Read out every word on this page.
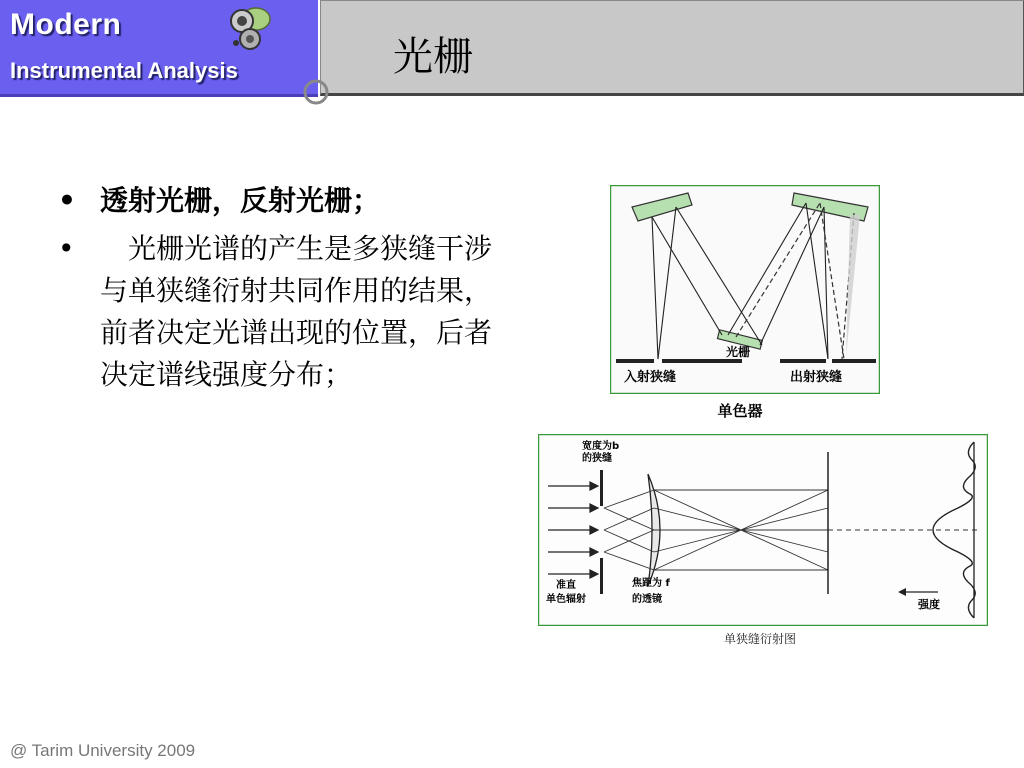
Modern
Instrumental Analysis	光栅
• 透射光栅，反射光栅；
• 　光栅光谱的产生是多狭缝干涉与单狭缝衍射共同作用的结果，前者决定光谱出现的位置，后者决定谱线强度分布；
光栅
入射狭缝	出射狭缝
单色器
宽度为b
的狭缝
准直
单色辐射
焦距为 f
的透镜	强度
单狭缝衍射图
@ Tarim University 2009
